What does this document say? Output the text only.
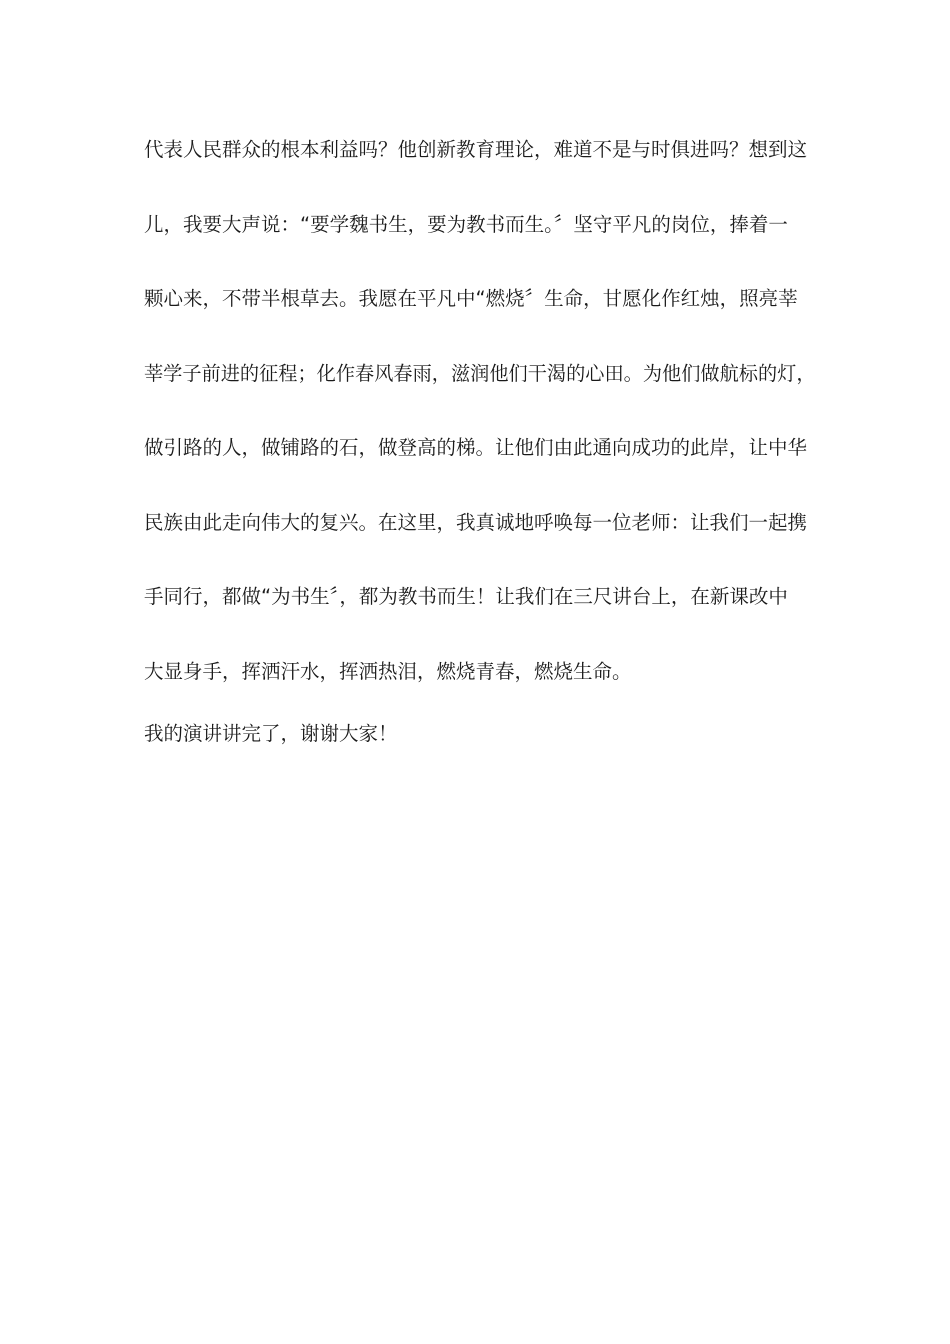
代表人民群众的根本利益吗？他创新教育理论，难道不是与时俱进吗？想到这
儿，我要大声说：“要学魏书生，要为教书而生。〞坚守平凡的岗位，捧着一
颗心来，不带半根草去。我愿在平凡中“燃烧〞生命，甘愿化作红烛，照亮莘
莘学子前进的征程；化作春风春雨，滋润他们干渴的心田。为他们做航标的灯，
做引路的人，做铺路的石，做登高的梯。让他们由此通向成功的此岸，让中华
民族由此走向伟大的复兴。在这里，我真诚地呼唤每一位老师：让我们一起携
手同行，都做“为书生〞，都为教书而生！让我们在三尺讲台上，在新课改中
大显身手，挥洒汗水，挥洒热泪，燃烧青春，燃烧生命。
我的演讲讲完了，谢谢大家！
